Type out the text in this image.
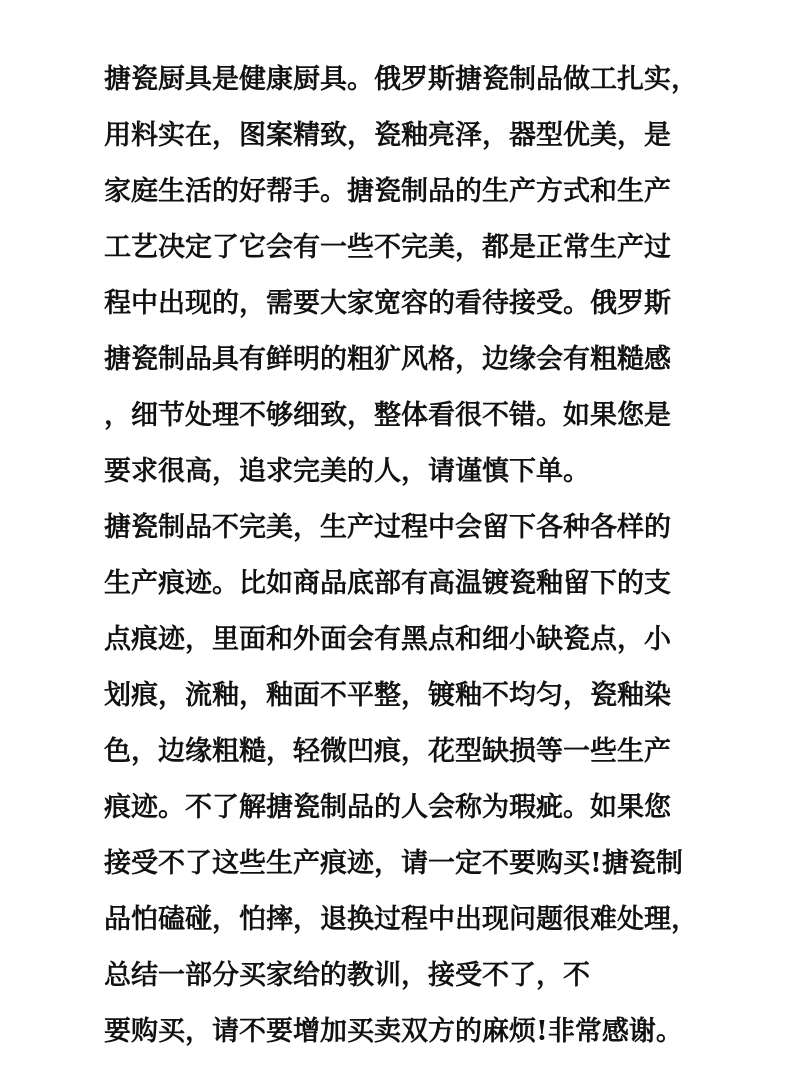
搪瓷厨具是健康厨具。俄罗斯搪瓷制品做工扎实，
用料实在，图案精致，瓷釉亮泽，器型优美，是
家庭生活的好帮手。搪瓷制品的生产方式和生产
工艺决定了它会有一些不完美，都是正常生产过
程中出现的，需要大家宽容的看待接受。俄罗斯
搪瓷制品具有鲜明的粗犷风格，边缘会有粗糙感
，细节处理不够细致，整体看很不错。如果您是
要求很高，追求完美的人，请谨慎下单。
搪瓷制品不完美，生产过程中会留下各种各样的
生产痕迹。比如商品底部有高温镀瓷釉留下的支
点痕迹，里面和外面会有黑点和细小缺瓷点，小
划痕，流釉，釉面不平整，镀釉不均匀，瓷釉染
色，边缘粗糙，轻微凹痕，花型缺损等一些生产
痕迹。不了解搪瓷制品的人会称为瑕疵。如果您
接受不了这些生产痕迹，请一定不要购买!搪瓷制
品怕磕碰，怕摔，退换过程中出现问题很难处理，
总结一部分买家给的教训，接受不了，不
要购买，请不要增加买卖双方的麻烦!非常感谢。
